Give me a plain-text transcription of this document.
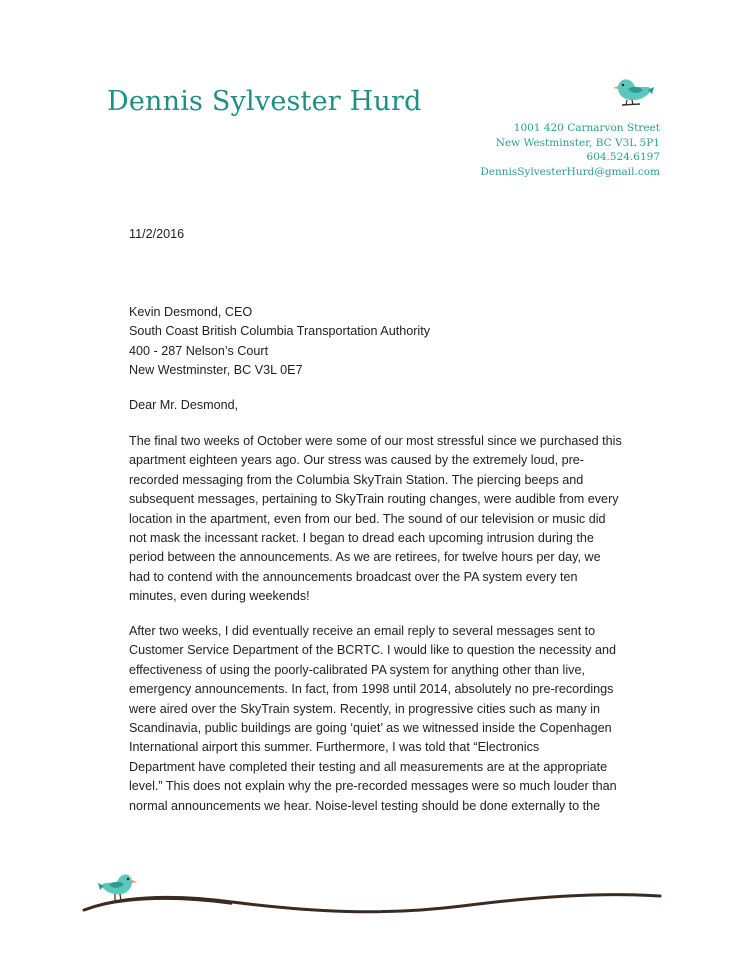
Dennis Sylvester Hurd
1001 420 Carnarvon Street
New Westminster, BC V3L 5P1
604.524.6197
DennisSylvesterHurd@gmail.com
11/2/2016
Kevin Desmond, CEO
South Coast British Columbia Transportation Authority
400 - 287 Nelson’s Court
New Westminster, BC V3L 0E7
Dear Mr. Desmond,
The final two weeks of October were some of our most stressful since we purchased this
apartment eighteen years ago. Our stress was caused by the extremely loud, pre-
recorded messaging from the Columbia SkyTrain Station. The piercing beeps and
subsequent messages, pertaining to SkyTrain routing changes, were audible from every
location in the apartment, even from our bed. The sound of our television or music did
not mask the incessant racket. I began to dread each upcoming intrusion during the
period between the announcements. As we are retirees, for twelve hours per day, we
had to contend with the announcements broadcast over the PA system every ten
minutes, even during weekends!
After two weeks, I did eventually receive an email reply to several messages sent to
Customer Service Department of the BCRTC. I would like to question the necessity and
effectiveness of using the poorly-calibrated PA system for anything other than live,
emergency announcements. In fact, from 1998 until 2014, absolutely no pre-recordings
were aired over the SkyTrain system. Recently, in progressive cities such as many in
Scandinavia, public buildings are going ‘quiet’ as we witnessed inside the Copenhagen
International airport this summer. Furthermore, I was told that “Electronics
Department have completed their testing and all measurements are at the appropriate
level.” This does not explain why the pre-recorded messages were so much louder than
normal announcements we hear. Noise-level testing should be done externally to the
